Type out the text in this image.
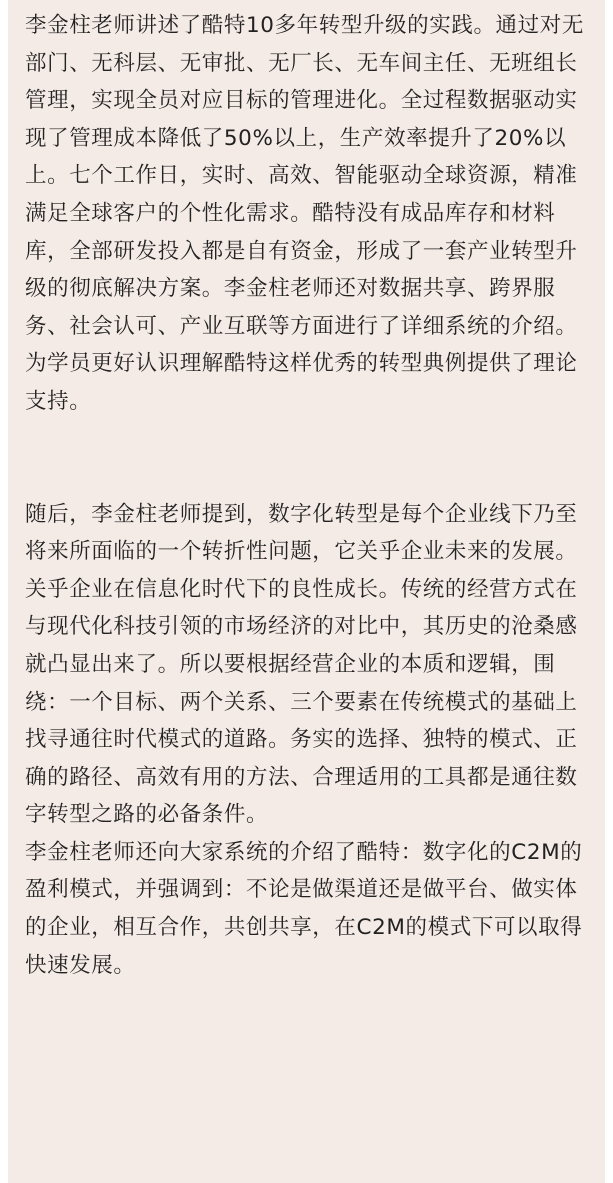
李金柱老师讲述了酷特10多年转型升级的实践。通过对无部门、无科层、无审批、无厂长、无车间主任、无班组长管理，实现全员对应目标的管理进化。全过程数据驱动实现了管理成本降低了50%以上，生产效率提升了20%以上。七个工作日，实时、高效、智能驱动全球资源，精准满足全球客户的个性化需求。酷特没有成品库存和材料库，全部研发投入都是自有资金，形成了一套产业转型升级的彻底解决方案。李金柱老师还对数据共享、跨界服务、社会认可、产业互联等方面进行了详细系统的介绍。为学员更好认识理解酷特这样优秀的转型典例提供了理论支持。

随后，李金柱老师提到，数字化转型是每个企业线下乃至将来所面临的一个转折性问题，它关乎企业未来的发展。关乎企业在信息化时代下的良性成长。传统的经营方式在与现代化科技引领的市场经济的对比中，其历史的沧桑感就凸显出来了。所以要根据经营企业的本质和逻辑，围绕：一个目标、两个关系、三个要素在传统模式的基础上找寻通往时代模式的道路。务实的选择、独特的模式、正确的路径、高效有用的方法、合理适用的工具都是通往数字转型之路的必备条件。

李金柱老师还向大家系统的介绍了酷特：数字化的C2M的盈利模式，并强调到：不论是做渠道还是做平台、做实体的企业，相互合作，共创共享，在C2M的模式下可以取得快速发展。
